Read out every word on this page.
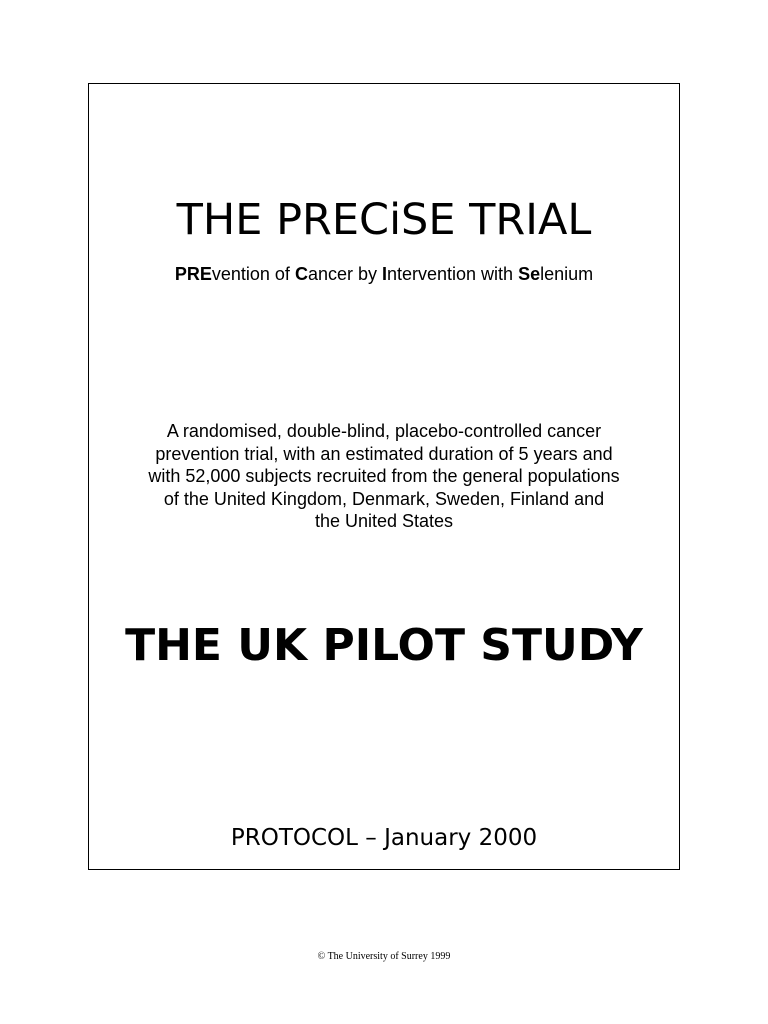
THE PRECiSE TRIAL

PREvention of Cancer by Intervention with Selenium

A randomised, double-blind, placebo-controlled cancer
prevention trial, with an estimated duration of 5 years and
with 52,000 subjects recruited from the general populations
of the United Kingdom, Denmark, Sweden, Finland and
the United States

THE UK PILOT STUDY

PROTOCOL – January 2000

© The University of Surrey 1999
